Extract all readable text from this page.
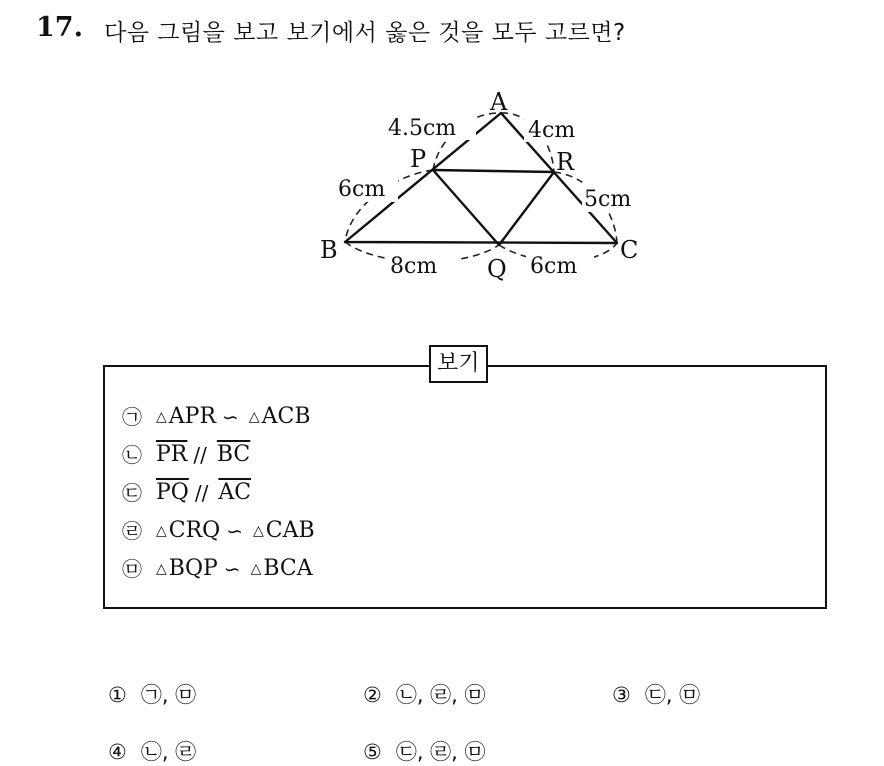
17. 다음 그림을 보고 보기에서 옳은 것을 모두 고르면?
A
P	R
B
Q
C
4.5cm	4cm
6cm	5cm
8cm	6cm
보기
㉠	△ APR ∽ △ ACB
㉡ $\overline{PR} // \overline{BC}$
㉢ $\overline{PQ} // \overline{AC}$
㉣	△ CRQ ∽ △ CAB
㉤	△ BQP ∽ △ BCA
① ㉠, ㉤	② ㉡, ㉣, ㉤	③ ㉢, ㉤
④ ㉡, ㉣	⑤ ㉢, ㉣, ㉤
